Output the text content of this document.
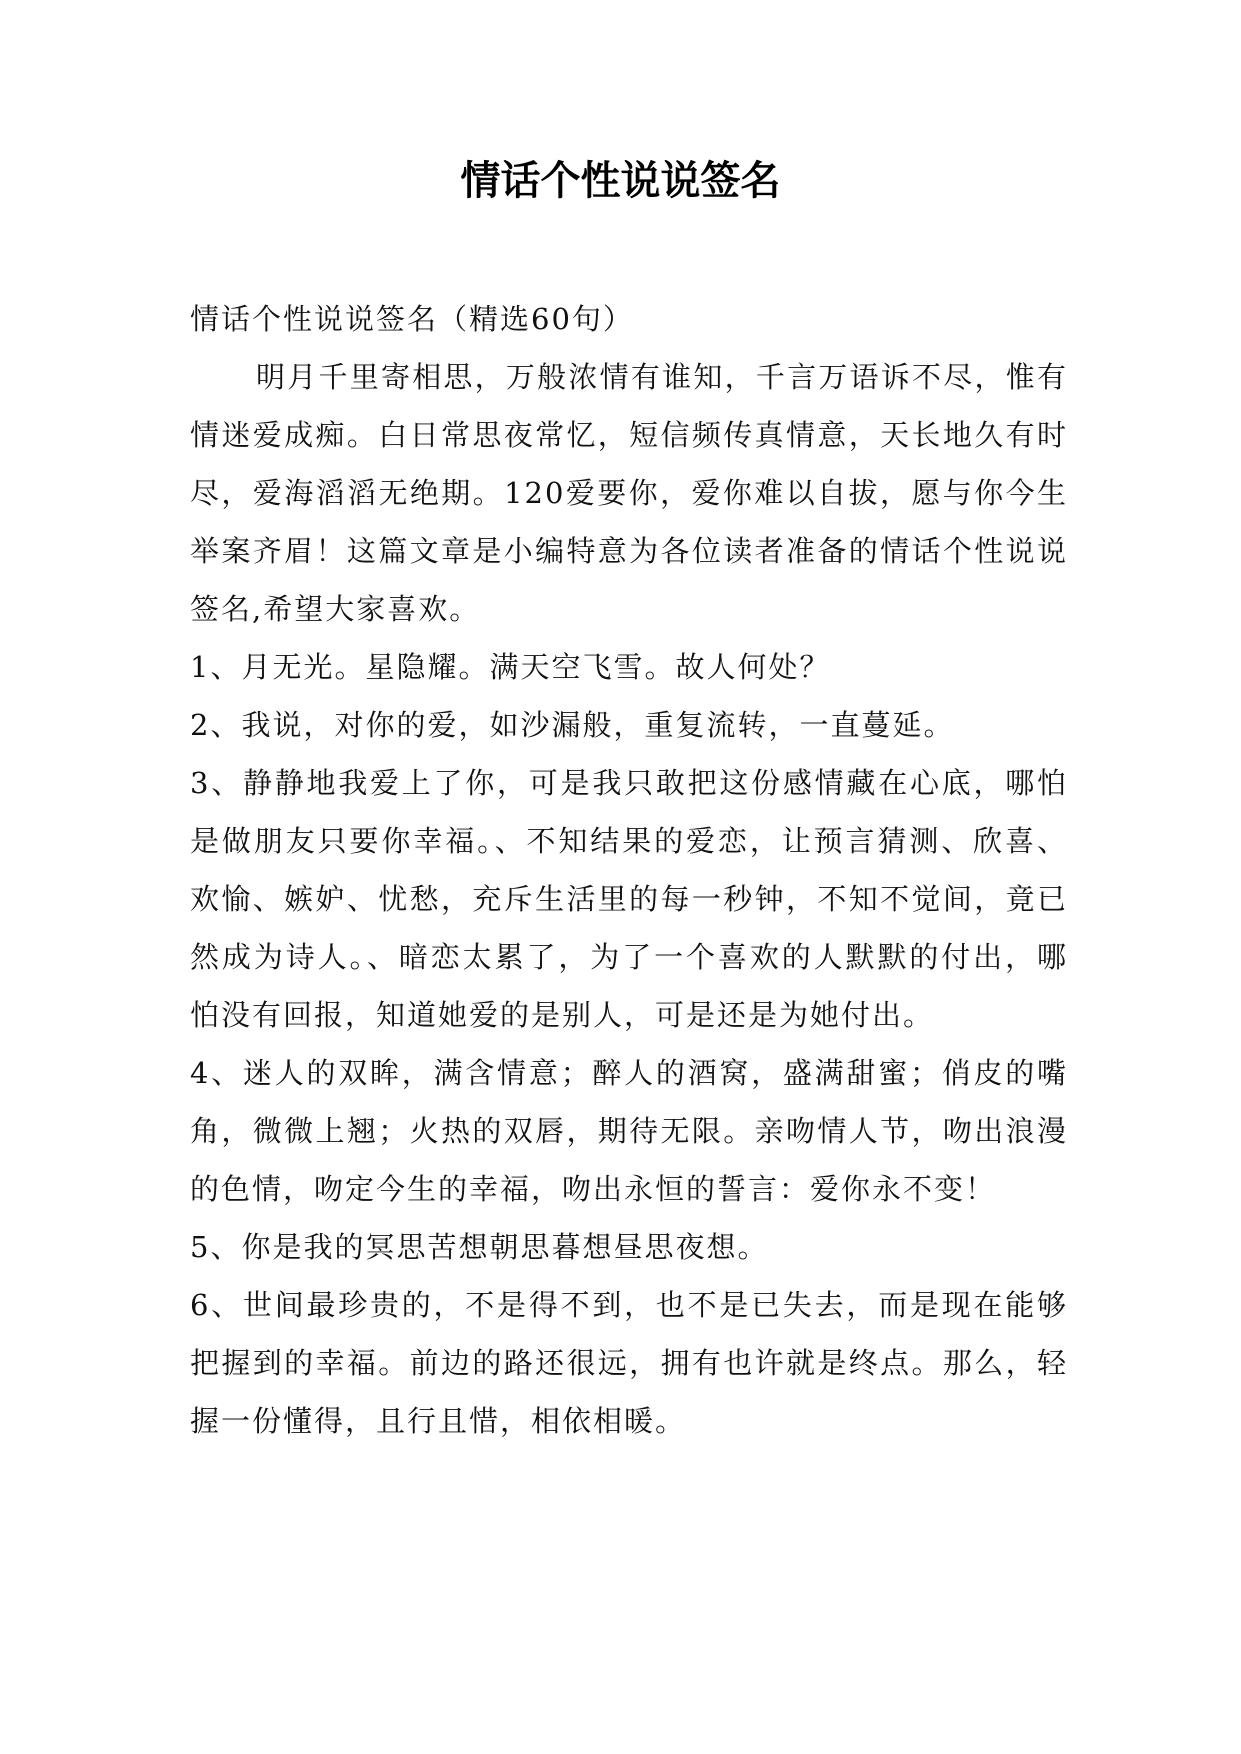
情话个性说说签名

情话个性说说签名（精选60句）

明月千里寄相思，万般浓情有谁知，千言万语诉不尽，惟有情迷爱成痴。白日常思夜常忆，短信频传真情意，天长地久有时尽，爱海滔滔无绝期。120爱要你，爱你难以自拔，愿与你今生举案齐眉！这篇文章是小编特意为各位读者准备的情话个性说说签名,希望大家喜欢。

1、月无光。星隐耀。满天空飞雪。故人何处？

2、我说，对你的爱，如沙漏般，重复流转，一直蔓延。

3、静静地我爱上了你，可是我只敢把这份感情藏在心底，哪怕是做朋友只要你幸福。、不知结果的爱恋，让预言猜测、欣喜、欢愉、嫉妒、忧愁，充斥生活里的每一秒钟，不知不觉间，竟已然成为诗人。、暗恋太累了，为了一个喜欢的人默默的付出，哪怕没有回报，知道她爱的是别人，可是还是为她付出。

4、迷人的双眸，满含情意；醉人的酒窝，盛满甜蜜；俏皮的嘴角，微微上翘；火热的双唇，期待无限。亲吻情人节，吻出浪漫的色情，吻定今生的幸福，吻出永恒的誓言：爱你永不变！

5、你是我的冥思苦想朝思暮想昼思夜想。

6、世间最珍贵的，不是得不到，也不是已失去，而是现在能够把握到的幸福。前边的路还很远，拥有也许就是终点。那么，轻握一份懂得，且行且惜，相依相暖。
